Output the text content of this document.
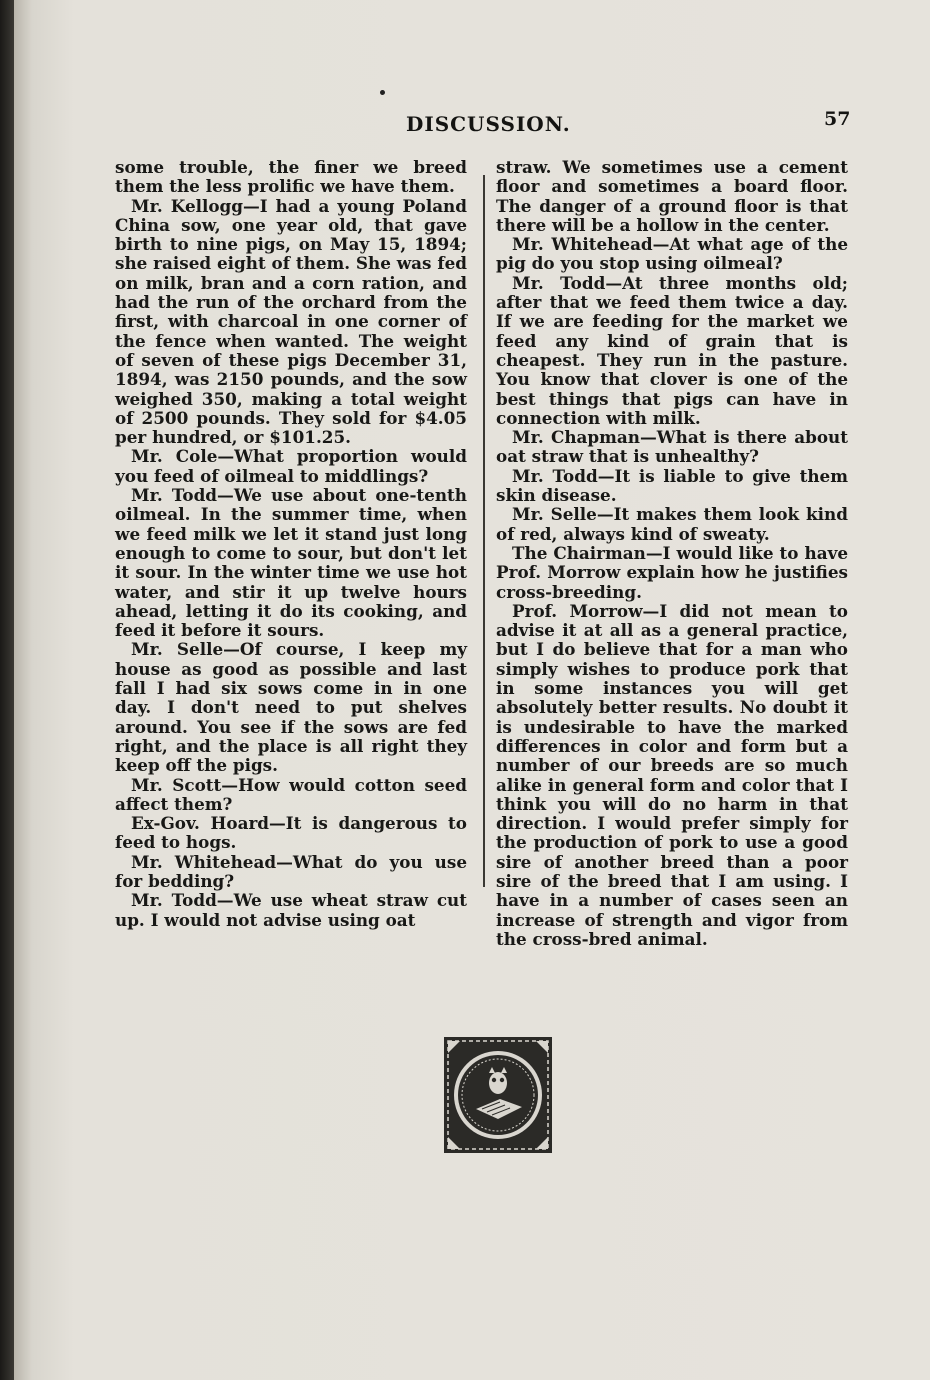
DISCUSSION.	57

some trouble, the finer we breed them the less prolific we have them.

Mr. Kellogg—I had a young Poland China sow, one year old, that gave birth to nine pigs, on May 15, 1894; she raised eight of them. She was fed on milk, bran and a corn ration, and had the run of the orchard from the first, with charcoal in one corner of the fence when wanted. The weight of seven of these pigs December 31, 1894, was 2150 pounds, and the sow weighed 350, making a total weight of 2500 pounds. They sold for $4.05 per hundred, or $101.25.

Mr. Cole—What proportion would you feed of oilmeal to middlings?

Mr. Todd—We use about one-tenth oilmeal. In the summer time, when we feed milk we let it stand just long enough to come to sour, but don't let it sour. In the winter time we use hot water, and stir it up twelve hours ahead, letting it do its cooking, and feed it before it sours.

Mr. Selle—Of course, I keep my house as good as possible and last fall I had six sows come in in one day. I don't need to put shelves around. You see if the sows are fed right, and the place is all right they keep off the pigs.

Mr. Scott—How would cotton seed affect them?

Ex-Gov. Hoard—It is dangerous to feed to hogs.

Mr. Whitehead—What do you use for bedding?

Mr. Todd—We use wheat straw cut up. I would not advise using oat

straw. We sometimes use a cement floor and sometimes a board floor. The danger of a ground floor is that there will be a hollow in the center.

Mr. Whitehead—At what age of the pig do you stop using oilmeal?

Mr. Todd—At three months old; after that we feed them twice a day. If we are feeding for the market we feed any kind of grain that is cheapest. They run in the pasture. You know that clover is one of the best things that pigs can have in connection with milk.

Mr. Chapman—What is there about oat straw that is unhealthy?

Mr. Todd—It is liable to give them skin disease.

Mr. Selle—It makes them look kind of red, always kind of sweaty.

The Chairman—I would like to have Prof. Morrow explain how he justifies cross-breeding.

Prof. Morrow—I did not mean to advise it at all as a general practice, but I do believe that for a man who simply wishes to produce pork that in some instances you will get absolutely better results. No doubt it is undesirable to have the marked differences in color and form but a number of our breeds are so much alike in general form and color that I think you will do no harm in that direction. I would prefer simply for the production of pork to use a good sire of another breed than a poor sire of the breed that I am using. I have in a number of cases seen an increase of strength and vigor from the cross-bred animal.
